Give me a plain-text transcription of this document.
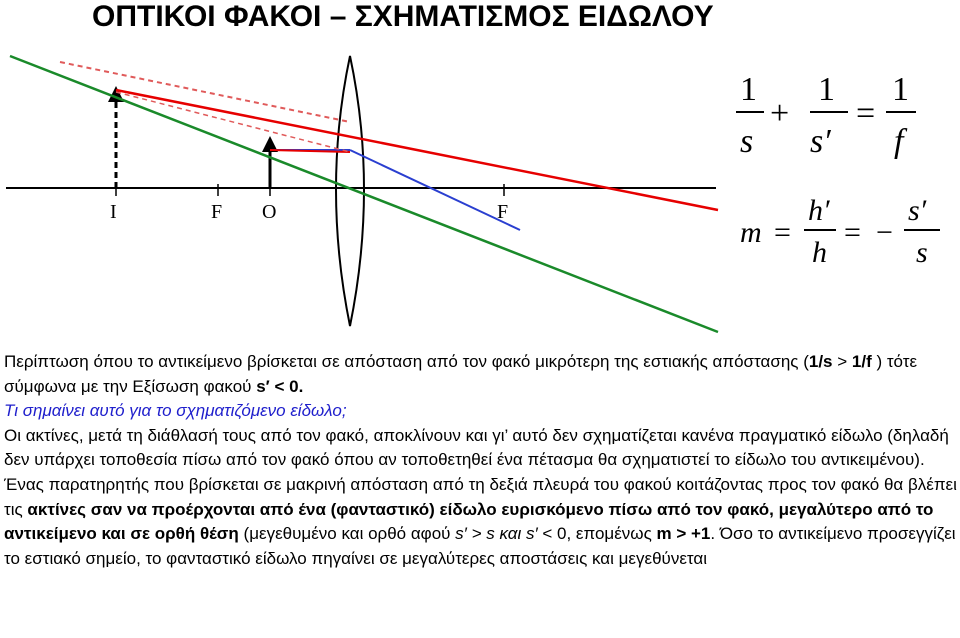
ΟΠΤΙΚΟΙ ΦΑΚΟΙ – ΣΧΗΜΑΤΙΣΜΟΣ ΕΙΔΩΛΟΥ
I	F O	F
1
s
+
1
s′
=
1
f
m =
h′
h
= −
s′
s

Περίπτωση όπου το αντικείμενο βρίσκεται σε απόσταση από τον φακό μικρότερη της εστιακής απόστασης (1/s > 1/f ) τότε σύμφωνα με την Εξίσωση φακού s′ < 0.

Τι σημαίνει αυτό για το σχηματιζόμενο είδωλο;

Οι ακτίνες, μετά τη διάθλασή τους από τον φακό, αποκλίνουν και γι’ αυτό δεν σχηματίζεται κανένα πραγματικό είδωλο (δηλαδή δεν υπάρχει τοποθεσία πίσω από τον φακό όπου αν τοποθετηθεί ένα πέτασμα θα σχηματιστεί το είδωλο του αντικειμένου). Ένας παρατηρητής που βρίσκεται σε μακρινή απόσταση από τη δεξιά πλευρά του φακού κοιτάζοντας προς τον φακό θα βλέπει τις ακτίνες σαν να προέρχονται από ένα (φανταστικό) είδωλο ευρισκόμενο πίσω από τον φακό, μεγαλύτερο από το αντικείμενο και σε ορθή θέση (μεγεθυμένο και ορθό αφού s′ > s και s′ < 0, επομένως m > +1. Όσο το αντικείμενο προσεγγίζει το εστιακό σημείο, το φανταστικό είδωλο πηγαίνει σε μεγαλύτερες αποστάσεις και μεγεθύνεται
